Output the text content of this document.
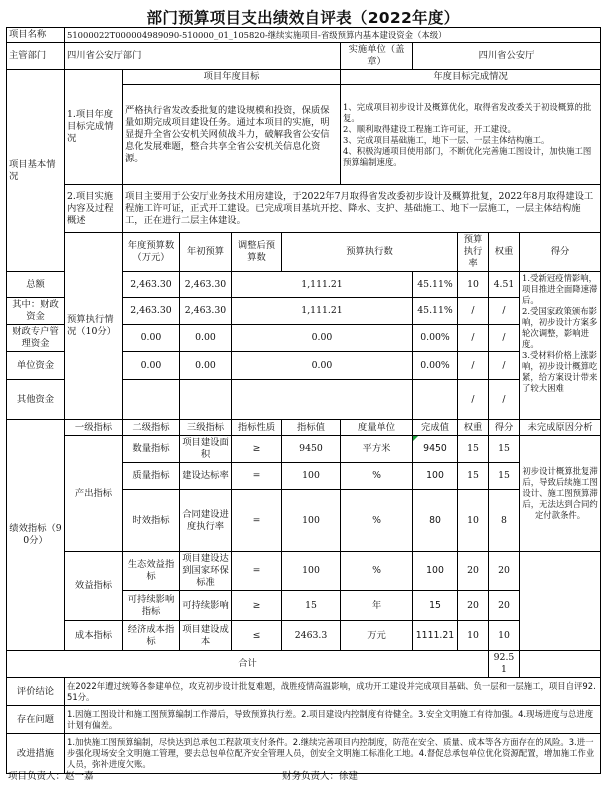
部门预算项目支出绩效自评表（2022年度）
项目名称	51000022T000004989090-510000_01_105820-继续实施项目-省级预算内基本建设资金（本级）										
主管部门	四川省公安厅部门					实施单位（盖章）	四川省公安厅				
项目基本情况	1.项目年度目标完成情况	项目年度目标				年度目标完成情况					
		严格执行省发改委批复的建设规模和投资，保质保量如期完成项目建设任务。通过本项目的实施，明显提升全省公安机关网侦战斗力，破解我省公安信息化发展难题，整合共享全省公安机关信息化资源。				1、完成项目初步设计及概算优化，取得省发改委关于初设概算的批复。
2、顺利取得建设工程施工许可证，开工建设。
3、完成项目基础施工，地下一层、一层主体结构施工。
4、积极沟通项目使用部门，不断优化完善施工图设计，加快施工图预算编制速度。					
	2.项目实施内容及过程概述	项目主要用于公安厅业务技术用房建设，于2022年7月取得省发改委初步设计及概算批复，2022年8月取得建设工程施工许可证，正式开工建设。已完成项目基坑开挖、降水、支护、基础施工、地下一层施工，一层主体结构施工，正在进行二层主体建设。									
	预算执行情况（10分）	年度预算数（万元）	年初预算	调整后预算数	预算执行数			预算执行率	权重	得分	
总额		2,463.30	2,463.30	1,111.21			45.11%	10	4.51	1.受新冠疫情影响，项目推进全面降速滞后。
2.受国家政策颁布影响，初步设计方案多轮次调整，影响进度。
3.受材料价格上涨影响，初步设计概算吃紧，给方案设计带来了较大困难	
其中：财政资金		2,463.30	2,463.30	1,111.21			45.11%	/	/		
财政专户管理资金		0.00	0.00	0.00			0.00%	/	/		
单位资金		0.00	0.00	0.00			0.00%	/	/		
其他资金								/	/		
绩效指标（90分）	一级指标	二级指标	三级指标	指标性质	指标值	度量单位	完成值	权重	得分	未完成原因分析	
	产出指标	数量指标	项目建设面积	≥	9450	平方米	9450	15	15	初步设计概算批复滞后，导致后续施工图设计、施工图预算滞后，无法达到合同约定付款条件。	
		质量指标	建设达标率	=	100	%	100	15	15		
		时效指标	合同建设进度执行率	=	100	%	80	10	8		
	效益指标	生态效益指标	项目建设达到国家环保标准	=	100	%	100	20	20		
		可持续影响指标	可持续影响	≥	15	年	15	20	20		
	成本指标	经济成本指标	项目建设成本	≤	2463.3	万元	1111.21	10	10		
合计									92.51		
评价结论	在2022年遭过统筹各参建单位，攻克初步设计批复难题，战胜疫情高温影响，成功开工建设并完成项目基础、负一层和一层施工，项目自评92.51分。										
存在问题	1.因施工图设计和施工图预算编制工作滞后，导致预算执行差。2.项目建设内控制度有待健全。3.安全文明施工有待加强。4.现场进度与总进度计划有偏差。										
改进措施	1.加快施工图预算编制，尽快达到总承包工程款项支付条件。2.继续完善项目内控制度，防范在安全、质量、成本等各方面存在的风险。3.进一步强化现场安全文明施工管理，要去总包单位配齐安全管理人员，创安全文明施工标准化工地。4.督促总承包单位优化资源配置，增加施工作业人员，弥补进度欠账。										
项目负责人：赵一嘉	财务负责人：徐建
